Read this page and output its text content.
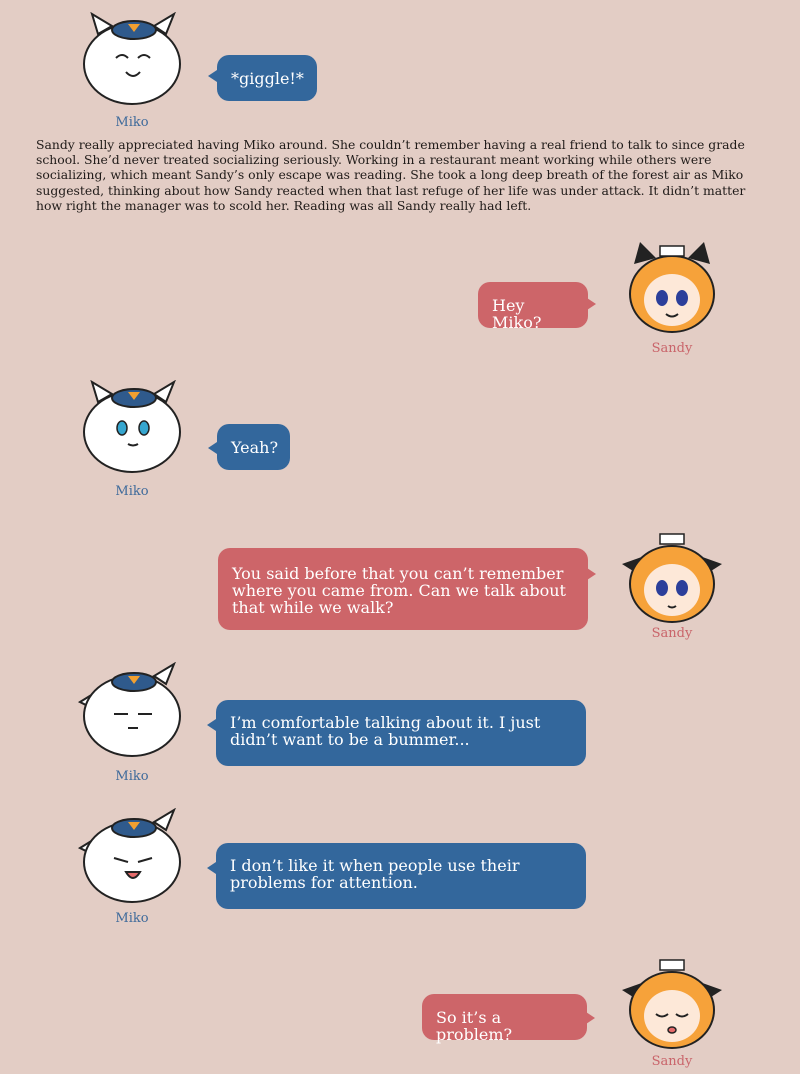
Miko
*giggle!*
Sandy really appreciated having Miko around. She couldn’t remember having a real friend to talk to since grade school. She’d never treated socializing seriously. Working in a restaurant meant working while others were socializing, which meant Sandy’s only escape was reading. She took a long deep breath of the forest air as Miko suggested, thinking about how Sandy reacted when that last refuge of her life was under attack. It didn’t matter how right the manager was to scold her. Reading was all Sandy really had left.
Hey Miko?
Sandy
Miko
Yeah?
You said before that you can’t remember where you came from. Can we talk about that while we walk?
Sandy
Miko
I’m comfortable talking about it. I just didn’t want to be a bummer...
Miko
I don’t like it when people use their problems for attention.
So it’s a problem?
Sandy
